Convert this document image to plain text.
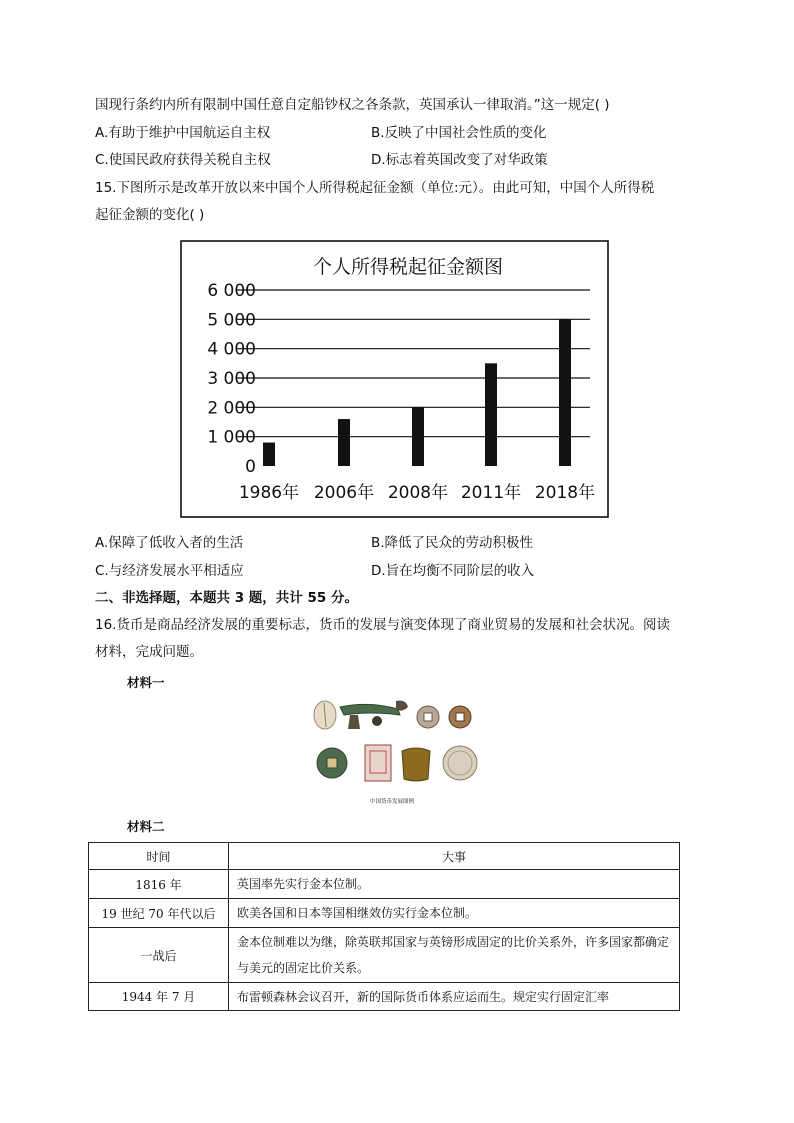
国现行条约内所有限制中国任意自定船钞权之各条款，英国承认一律取消。”这一规定( )
A.有助于维护中国航运自主权	B.反映了中国社会性质的变化
C.使国民政府获得关税自主权	D.标志着英国改变了对华政策
15.下图所示是改革开放以来中国个人所得税起征金额（单位:元）。由此可知，中国个人所得税
起征金额的变化( )
个人所得税起征金额图
0
1 000
2 000
3 000
4 000
5 000
6 000
1986年 2006年 2008年 2011年 2018年
A.保障了低收入者的生活	B.降低了民众的劳动积极性
C.与经济发展水平相适应	D.旨在均衡不同阶层的收入
二、非选择题，本题共 3 题，共计 55 分。
16.货币是商品经济发展的重要标志，货币的发展与演变体现了商业贸易的发展和社会状况。阅读
材料，完成问题。
材料一
中国货币发展图例
材料二
时间	大事
1816 年	英国率先实行金本位制。
19 世纪 70 年代以后	欧美各国和日本等国相继效仿实行金本位制。
一战后	金本位制难以为继，除英联邦国家与英镑形成固定的比价关系外，许多国家都确定与美元的固定比价关系。
1944 年 7 月	布雷顿森林会议召开，新的国际货币体系应运而生。规定实行固定汇率
